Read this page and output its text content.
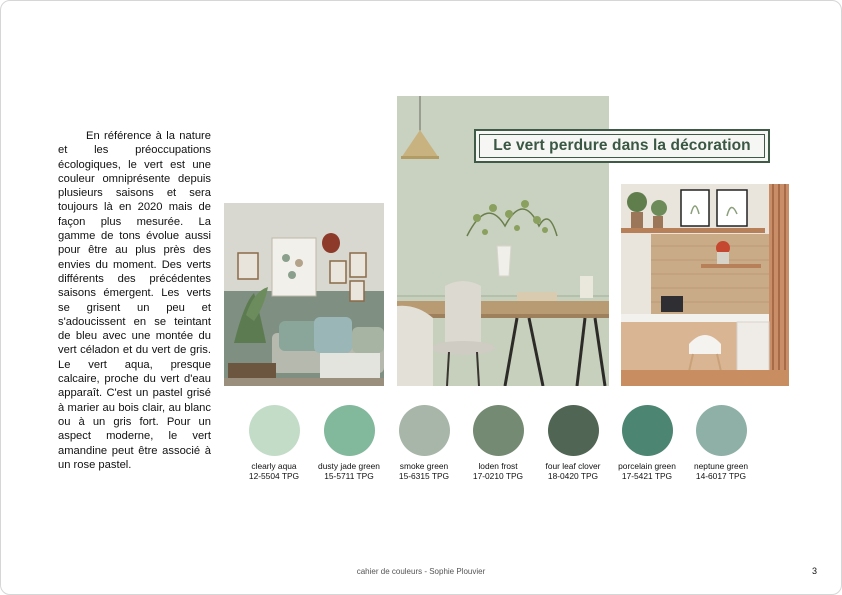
En référence à la nature et les préoccupations écologiques, le vert est une couleur omniprésente depuis plusieurs saisons et sera toujours là en 2020 mais de façon plus mesurée. La gamme de tons évolue aussi pour être au plus près des envies du moment. Des verts différents des précédentes saisons émergent. Les verts se grisent un peu et s'adoucissent en se teintant de bleu avec une montée du vert céladon et du vert de gris. Le vert aqua, presque calcaire, proche du vert d'eau apparaît. C'est un pastel grisé à marier au bois clair, au blanc ou à un gris fort. Pour un aspect moderne, le vert amandine peut être associé à un rose pastel.

Le vert perdure dans la décoration
clearly aqua
12-5504 TPG
dusty jade green
15-5711 TPG
smoke green
15-6315 TPG
loden frost
17-0210 TPG
four leaf clover
18-0420 TPG
porcelain green
17-5421 TPG
neptune green
14-6017 TPG
cahier de couleurs - Sophie Plouvier	3
